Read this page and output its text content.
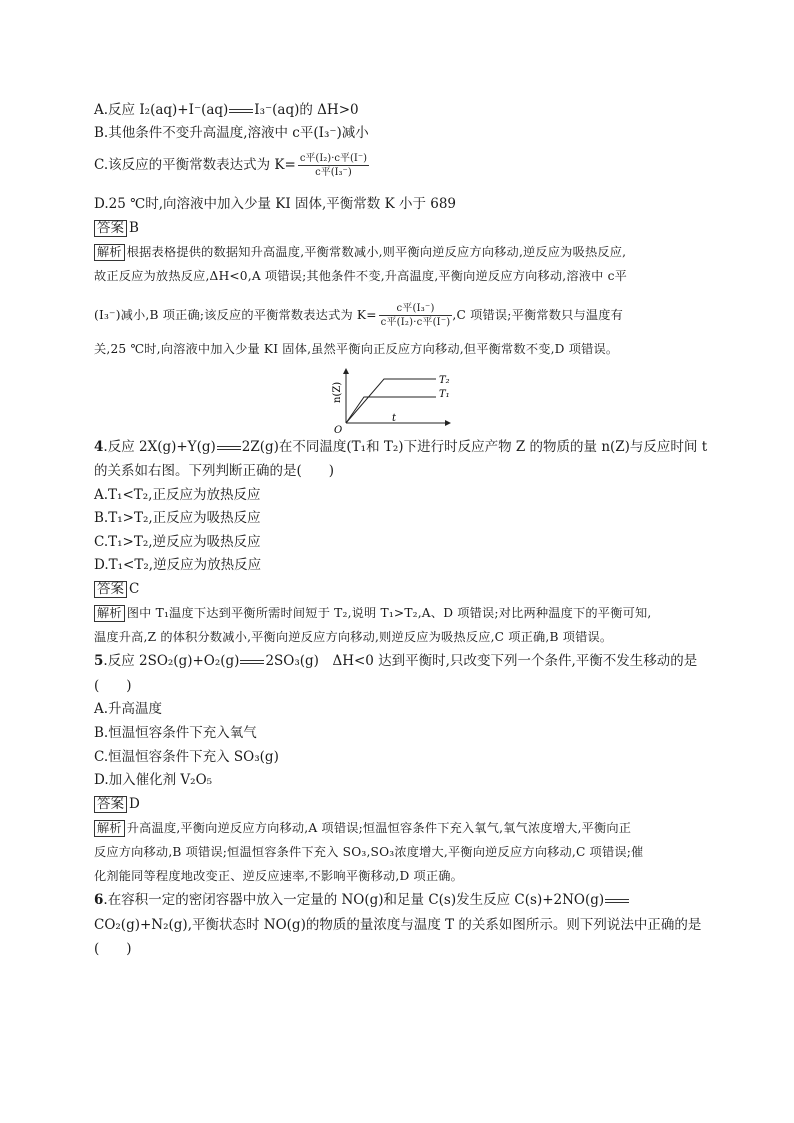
A.反应 I₂(aq)+I⁻(aq) I₃⁻(aq)的 ΔH>0
B.其他条件不变升高温度,溶液中 c平(I₃⁻)减小
C.该反应的平衡常数表达式为 $K= \frac{\text{c平(I₂)·c平(I⁻)}}{\text{c平(I₃⁻)}}$
D.25 ℃时,向溶液中加入少量 KI 固体,平衡常数 K 小于 689
答案 B
解析 根据表格提供的数据知升高温度,平衡常数减小,则平衡向逆反应方向移动,逆反应为吸热反应,
故正反应为放热反应,ΔH<0,A 项错误;其他条件不变,升高温度,平衡向逆反应方向移动,溶液中 c平
(I₃⁻)减小,B 项正确;该反应的平衡常数表达式为 $K= \frac{\text{c平(I₃⁻)}}{\text{c平(I₂)·c平(I⁻)}} ,C$ 项错误;平衡常数只与温度有
关,25 ℃时,向溶液中加入少量 KI 固体,虽然平衡向正反应方向移动,但平衡常数不变,D 项错误。
n(Z)
t
O
T₂
T₁
4.反应 2X(g)+Y(g) 2Z(g)在不同温度(T₁和 T₂)下进行时反应产物 Z 的物质的量 n(Z)与反应时间 t
的关系如右图。下列判断正确的是(　　)
A.T₁<T₂,正反应为放热反应
B.T₁>T₂,正反应为吸热反应
C.T₁>T₂,逆反应为吸热反应
D.T₁<T₂,逆反应为放热反应
答案 C
解析 图中 T₁温度下达到平衡所需时间短于 T₂,说明 T₁>T₂,A、D 项错误;对比两种温度下的平衡可知,
温度升高,Z 的体积分数减小,平衡向逆反应方向移动,则逆反应为吸热反应,C 项正确,B 项错误。
5.反应 2SO₂(g)+O₂(g) 2SO₃(g)　ΔH<0 达到平衡时,只改变下列一个条件,平衡不发生移动的是
(　　)
A.升高温度
B.恒温恒容条件下充入氧气
C.恒温恒容条件下充入 SO₃(g)
D.加入催化剂 V₂O₅
答案 D
解析 升高温度,平衡向逆反应方向移动,A 项错误;恒温恒容条件下充入氧气,氧气浓度增大,平衡向正
反应方向移动,B 项错误;恒温恒容条件下充入 SO₃,SO₃浓度增大,平衡向逆反应方向移动,C 项错误;催
化剂能同等程度地改变正、逆反应速率,不影响平衡移动,D 项正确。
6.在容积一定的密闭容器中放入一定量的 NO(g)和足量 C(s)发生反应 C(s)+2NO(g)
CO₂(g)+N₂(g),平衡状态时 NO(g)的物质的量浓度与温度 T 的关系如图所示。则下列说法中正确的是
(　　)
